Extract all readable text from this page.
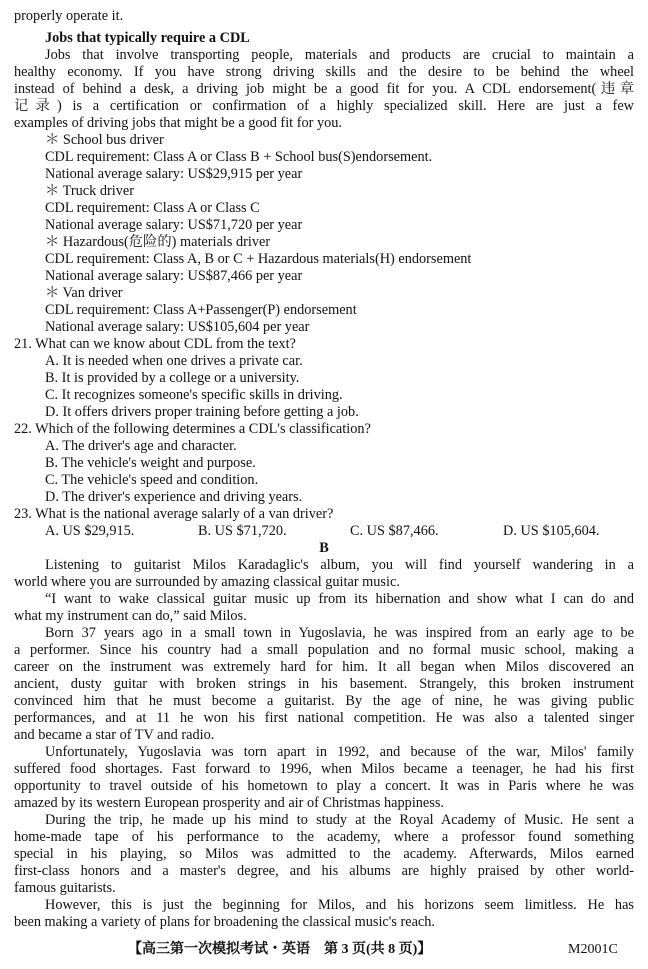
properly operate it.
Jobs that typically require a CDL
Jobs that involve transporting people, materials and products are crucial to maintain a
healthy economy. If you have strong driving skills and the desire to be behind the wheel
instead of behind a desk, a driving job might be a good fit for you. A CDL endorsement(违章
记录) is a certification or confirmation of a highly specialized skill. Here are just a few
examples of driving jobs that might be a good fit for you.
＊ School bus driver
CDL requirement: Class A or Class B + School bus(S)endorsement.
National average salary: US$29,915 per year
＊ Truck driver
CDL requirement: Class A or Class C
National average salary: US$71,720 per year
＊ Hazardous(危险的) materials driver
CDL requirement: Class A, B or C + Hazardous materials(H) endorsement
National average salary: US$87,466 per year
＊ Van driver
CDL requirement: Class A+Passenger(P) endorsement
National average salary: US$105,604 per year
21. What can we know about CDL from the text?
A. It is needed when one drives a private car.
B. It is provided by a college or a university.
C. It recognizes someone's specific skills in driving.
D. It offers drivers proper training before getting a job.
22. Which of the following determines a CDL's classification?
A. The driver's age and character.
B. The vehicle's weight and purpose.
C. The vehicle's speed and condition.
D. The driver's experience and driving years.
23. What is the national average salarly of a van driver?
A. US $29,915.	B. US $71,720.	C. US $87,466.	D. US $105,604.
B
Listening to guitarist Milos Karadaglic's album, you will find yourself wandering in a
world where you are surrounded by amazing classical guitar music.
“I want to wake classical guitar music up from its hibernation and show what I can do and
what my instrument can do,” said Milos.
Born 37 years ago in a small town in Yugoslavia, he was inspired from an early age to be
a performer. Since his country had a small population and no formal music school, making a
career on the instrument was extremely hard for him. It all began when Milos discovered an
ancient, dusty guitar with broken strings in his basement. Strangely, this broken instrument
convinced him that he must become a guitarist. By the age of nine, he was giving public
performances, and at 11 he won his first national competition. He was also a talented singer
and became a star of TV and radio.
Unfortunately, Yugoslavia was torn apart in 1992, and because of the war, Milos' family
suffered food shortages. Fast forward to 1996, when Milos became a teenager, he had his first
opportunity to travel outside of his hometown to play a concert. It was in Paris where he was
amazed by its western European prosperity and air of Christmas happiness.
During the trip, he made up his mind to study at the Royal Academy of Music. He sent a
home-made tape of his performance to the academy, where a professor found something
special in his playing, so Milos was admitted to the academy. Afterwards, Milos earned
first-class honors and a master's degree, and his albums are highly praised by other world-
famous guitarists.
However, this is just the beginning for Milos, and his horizons seem limitless. He has
been making a variety of plans for broadening the classical music's reach.
【高三第一次模拟考试・英语　第 3 页(共 8 页)】	M2001C
